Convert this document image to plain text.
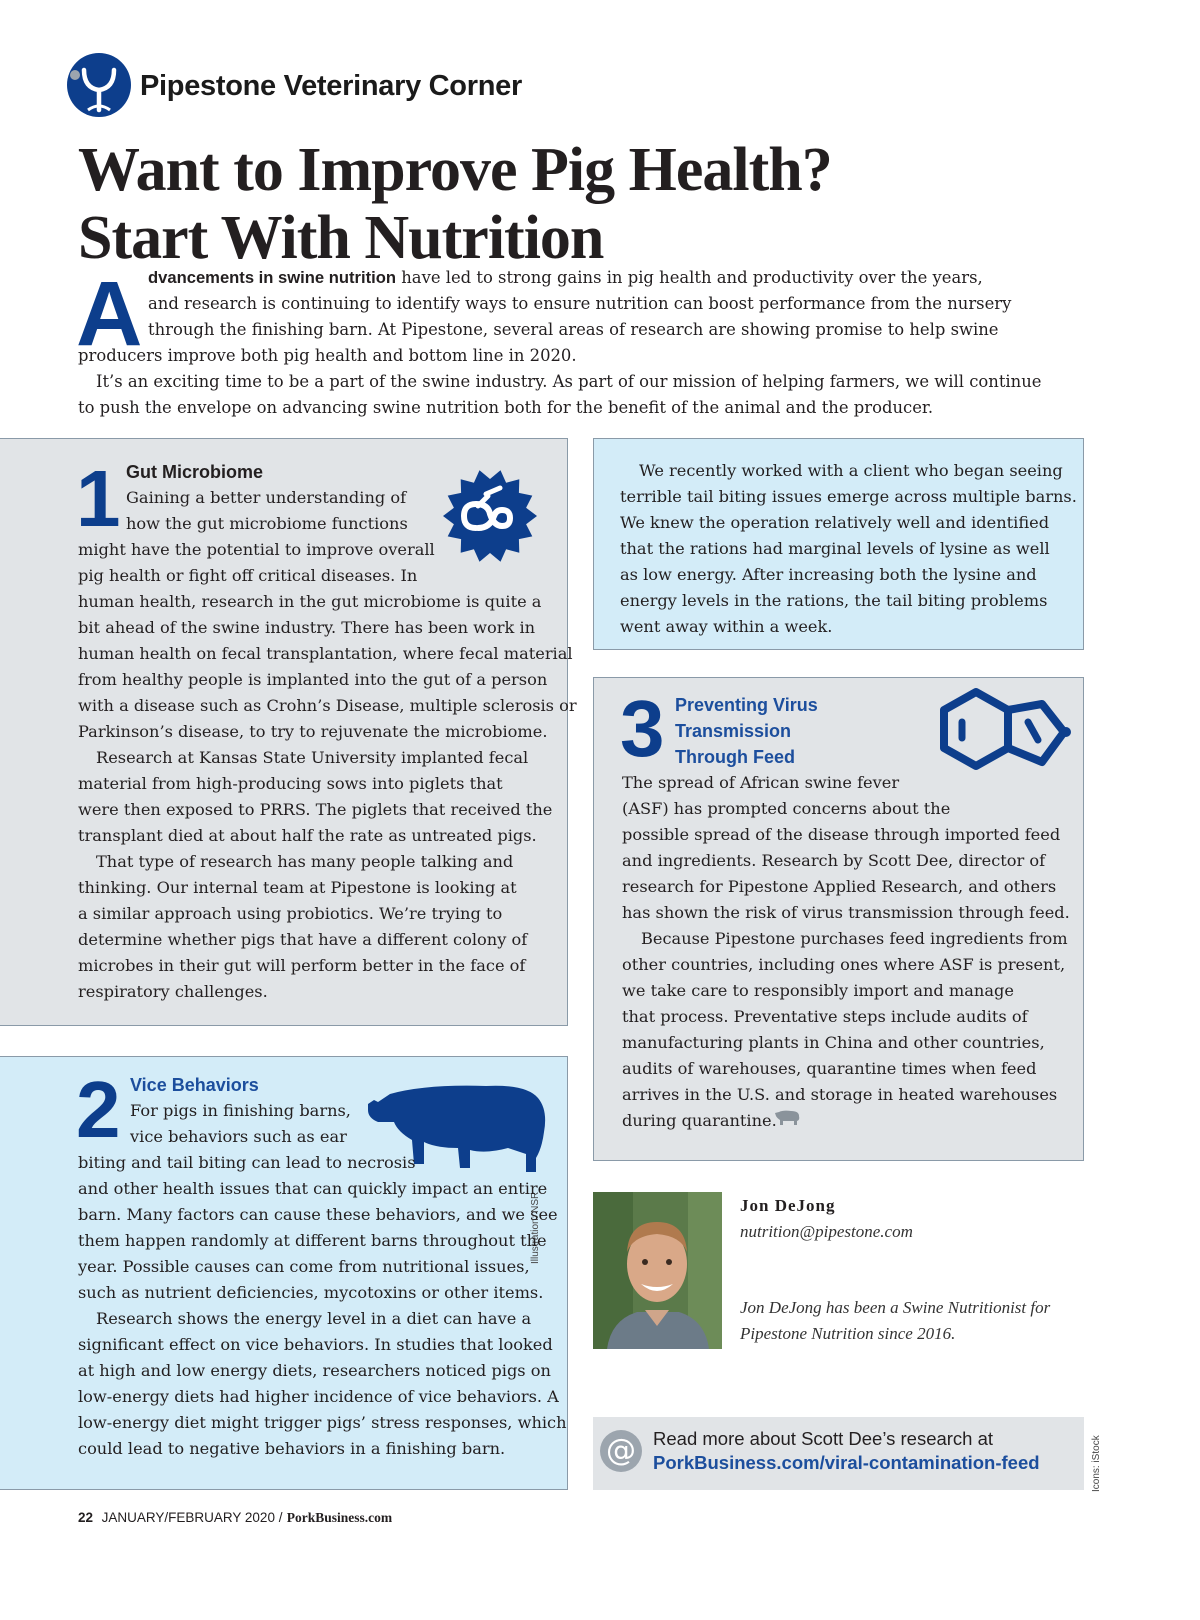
Pipestone Veterinary Corner
Want to Improve Pig Health?
Start With Nutrition
A dvancements in swine nutrition have led to strong gains in pig health and productivity over the years,
and research is continuing to identify ways to ensure nutrition can boost performance from the nursery
through the finishing barn. At Pipestone, several areas of research are showing promise to help swine
producers improve both pig health and bottom line in 2020.
It’s an exciting time to be a part of the swine industry. As part of our mission of helping farmers, we will continue
to push the envelope on advancing swine nutrition both for the benefit of the animal and the producer.
1 Gut Microbiome
Gaining a better understanding of
how the gut microbiome functions
might have the potential to improve overall
pig health or fight off critical diseases. In
human health, research in the gut microbiome is quite a
bit ahead of the swine industry. There has been work in
human health on fecal transplantation, where fecal material
from healthy people is implanted into the gut of a person
with a disease such as Crohn’s Disease, multiple sclerosis or
Parkinson’s disease, to try to rejuvenate the microbiome.
Research at Kansas State University implanted fecal
material from high-producing sows into piglets that
were then exposed to PRRS. The piglets that received the
transplant died at about half the rate as untreated pigs.
That type of research has many people talking and
thinking. Our internal team at Pipestone is looking at
a similar approach using probiotics. We’re trying to
determine whether pigs that have a different colony of
microbes in their gut will perform better in the face of
respiratory challenges.
We recently worked with a client who began seeing
terrible tail biting issues emerge across multiple barns.
We knew the operation relatively well and identified
that the rations had marginal levels of lysine as well
as low energy. After increasing both the lysine and
energy levels in the rations, the tail biting problems
went away within a week.
3 Preventing Virus
Transmission
Through Feed
The spread of African swine fever
(ASF) has prompted concerns about the
possible spread of the disease through imported feed
and ingredients. Research by Scott Dee, director of
research for Pipestone Applied Research, and others
has shown the risk of virus transmission through feed.
Because Pipestone purchases feed ingredients from
other countries, including ones where ASF is present,
we take care to responsibly import and manage
that process. Preventative steps include audits of
manufacturing plants in China and other countries,
audits of warehouses, quarantine times when feed
arrives in the U.S. and storage in heated warehouses
during quarantine.
2 Vice Behaviors
Illustration: NSR
For pigs in finishing barns,
vice behaviors such as ear
biting and tail biting can lead to necrosis
and other health issues that can quickly impact an entire
barn. Many factors can cause these behaviors, and we see
them happen randomly at different barns throughout the
year. Possible causes can come from nutritional issues,
such as nutrient deficiencies, mycotoxins or other items.
Research shows the energy level in a diet can have a
significant effect on vice behaviors. In studies that looked
at high and low energy diets, researchers noticed pigs on
low-energy diets had higher incidence of vice behaviors. A
low-energy diet might trigger pigs’ stress responses, which
could lead to negative behaviors in a finishing barn.
Jon DeJong
nutrition@pipestone.com
Jon DeJong has been a Swine Nutritionist for
Pipestone Nutrition since 2016.
@ Read more about Scott Dee’s research at
PorkBusiness.com/viral-contamination-feed	Icons: iStock
22 JANUARY/FEBRUARY 2020 / PorkBusiness.com
